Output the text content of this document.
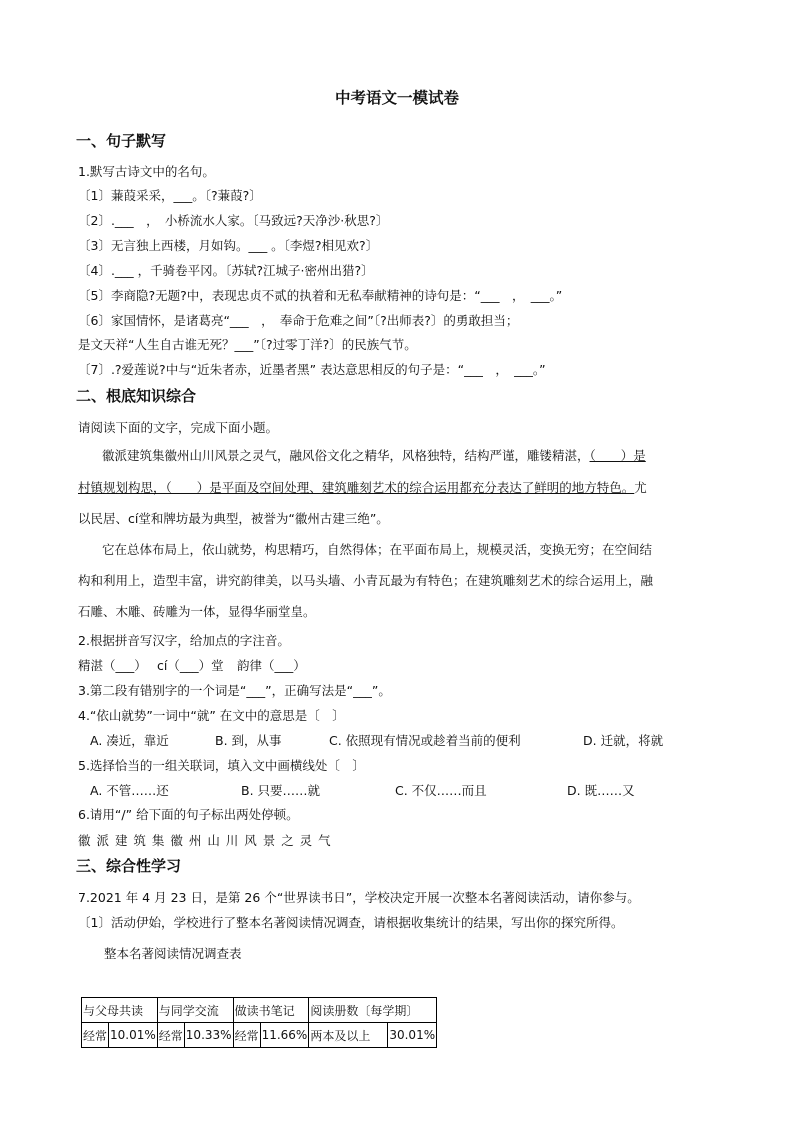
中考语文一模试卷
一、句子默写
1.默写古诗文中的名句。
〔1〕蒹葭采采，___。〔?蒹葭?〕
〔2〕.___　，　小桥流水人家。〔马致远?天净沙·秋思?〕
〔3〕无言独上西楼，月如钩。___ 。〔李煜?相见欢?〕
〔4〕.___ ，千骑卷平冈。〔苏轼?江城子·密州出猎?〕
〔5〕李商隐?无题?中，表现忠贞不贰的执着和无私奉献精神的诗句是：“___　，　___。”
〔6〕家国情怀，是诸葛亮“___　，　奉命于危难之间”〔?出师表?〕的勇敢担当；
是文天祥“人生自古谁无死？___”〔?过零丁洋?〕的民族气节。
〔7〕.?爱莲说?中与“近朱者赤，近墨者黑” 表达意思相反的句子是：“___　，　___。”
二、根底知识综合
请阅读下面的文字，完成下面小题。
徽派建筑集徽州山川风景之灵气，融风俗文化之精华，风格独特，结构严谨，雕镂精湛，（　　）是
村镇规划构思，（　　）是平面及空间处理、建筑雕刻艺术的综合运用都充分表达了鲜明的地方特色。尤
以民居、cí堂和牌坊最为典型，被誉为“徽州古建三绝”。
它在总体布局上，依山就势，构思精巧，自然得体；在平面布局上，规模灵活，变换无穷；在空间结
构和利用上，造型丰富，讲究韵律美，以马头墙、小青瓦最为有特色；在建筑雕刻艺术的综合运用上，融
石雕、木雕、砖雕为一体，显得华丽堂皇。
2.根据拼音写汉字，给加点的字注音。
精湛（___） cí（___）堂 韵律（___）
3.第二段有错别字的一个词是“___”，正确写法是“___”。
4.“依山就势”一词中“就” 在文中的意思是〔　〕
A. 凑近，靠近	B. 到，从事	C. 依照现有情况或趁着当前的便利	D. 迁就，将就
5.选择恰当的一组关联词，填入文中画横线处〔　〕
A. 不管……还	B. 只要……就	C. 不仅……而且	D. 既……又
6.请用“/” 给下面的句子标出两处停顿。
徽 派 建 筑 集 徽 州 山 川 风 景 之 灵 气
三、综合性学习
7.2021 年 4 月 23 日，是第 26 个“世界读书日”，学校决定开展一次整本名著阅读活动，请你参与。
〔1〕活动伊始，学校进行了整本名著阅读情况调查，请根据收集统计的结果，写出你的探究所得。
整本名著阅读情况调查表
与父母共读		与同学交流		做读书笔记		阅读册数〔每学期〕	
经常	10.01%	经常	10.33%	经常	11.66%	两本及以上	30.01%
